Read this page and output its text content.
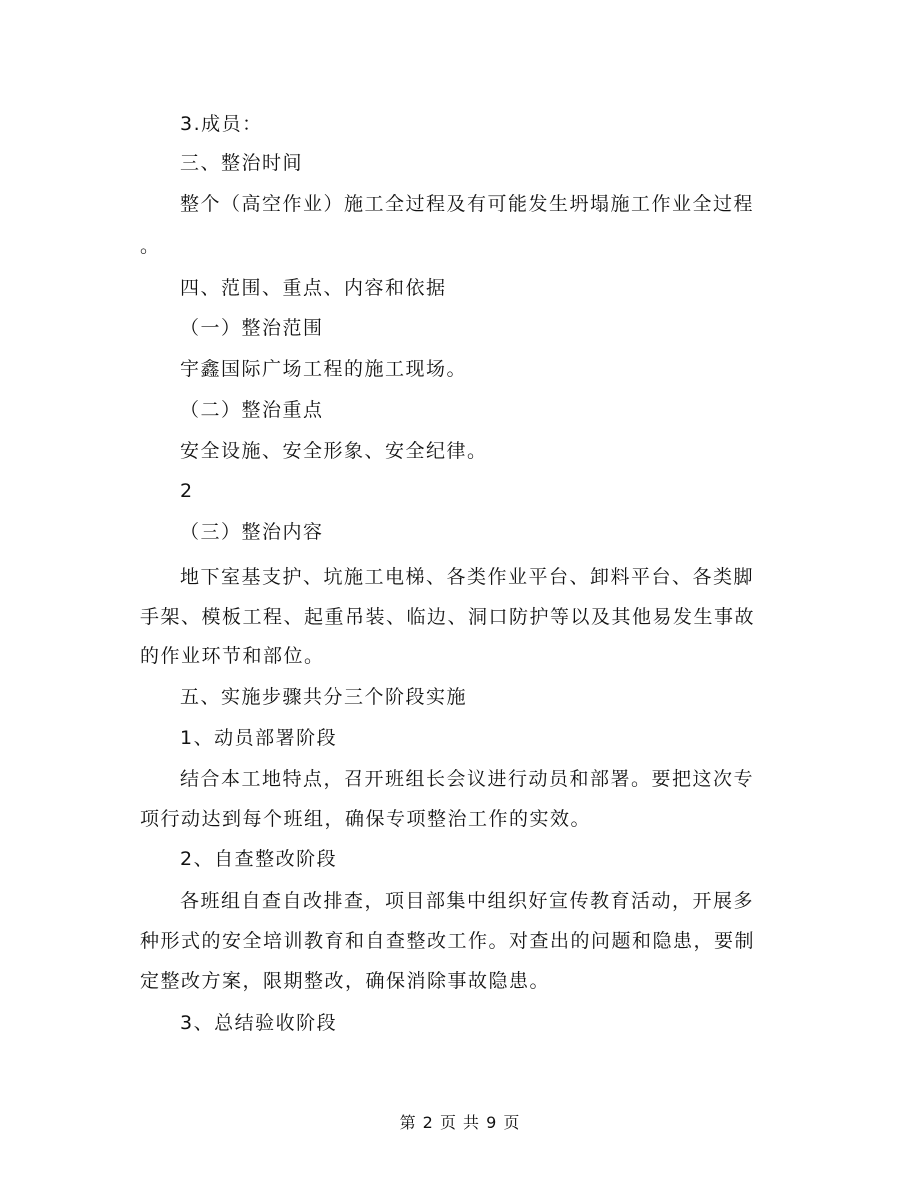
3.成员：
三、整治时间
整个（高空作业）施工全过程及有可能发生坍塌施工作业全过程
。
四、范围、重点、内容和依据
（一）整治范围
宇鑫国际广场工程的施工现场。
（二）整治重点
安全设施、安全形象、安全纪律。
2
（三）整治内容
地下室基支护、坑施工电梯、各类作业平台、卸料平台、各类脚
手架、模板工程、起重吊装、临边、洞口防护等以及其他易发生事故
的作业环节和部位。
五、实施步骤共分三个阶段实施
1、动员部署阶段
结合本工地特点，召开班组长会议进行动员和部署。要把这次专
项行动达到每个班组，确保专项整治工作的实效。
2、自查整改阶段
各班组自查自改排查，项目部集中组织好宣传教育活动，开展多
种形式的安全培训教育和自查整改工作。对查出的问题和隐患，要制
定整改方案，限期整改，确保消除事故隐患。
3、总结验收阶段
第 2 页 共 9 页
